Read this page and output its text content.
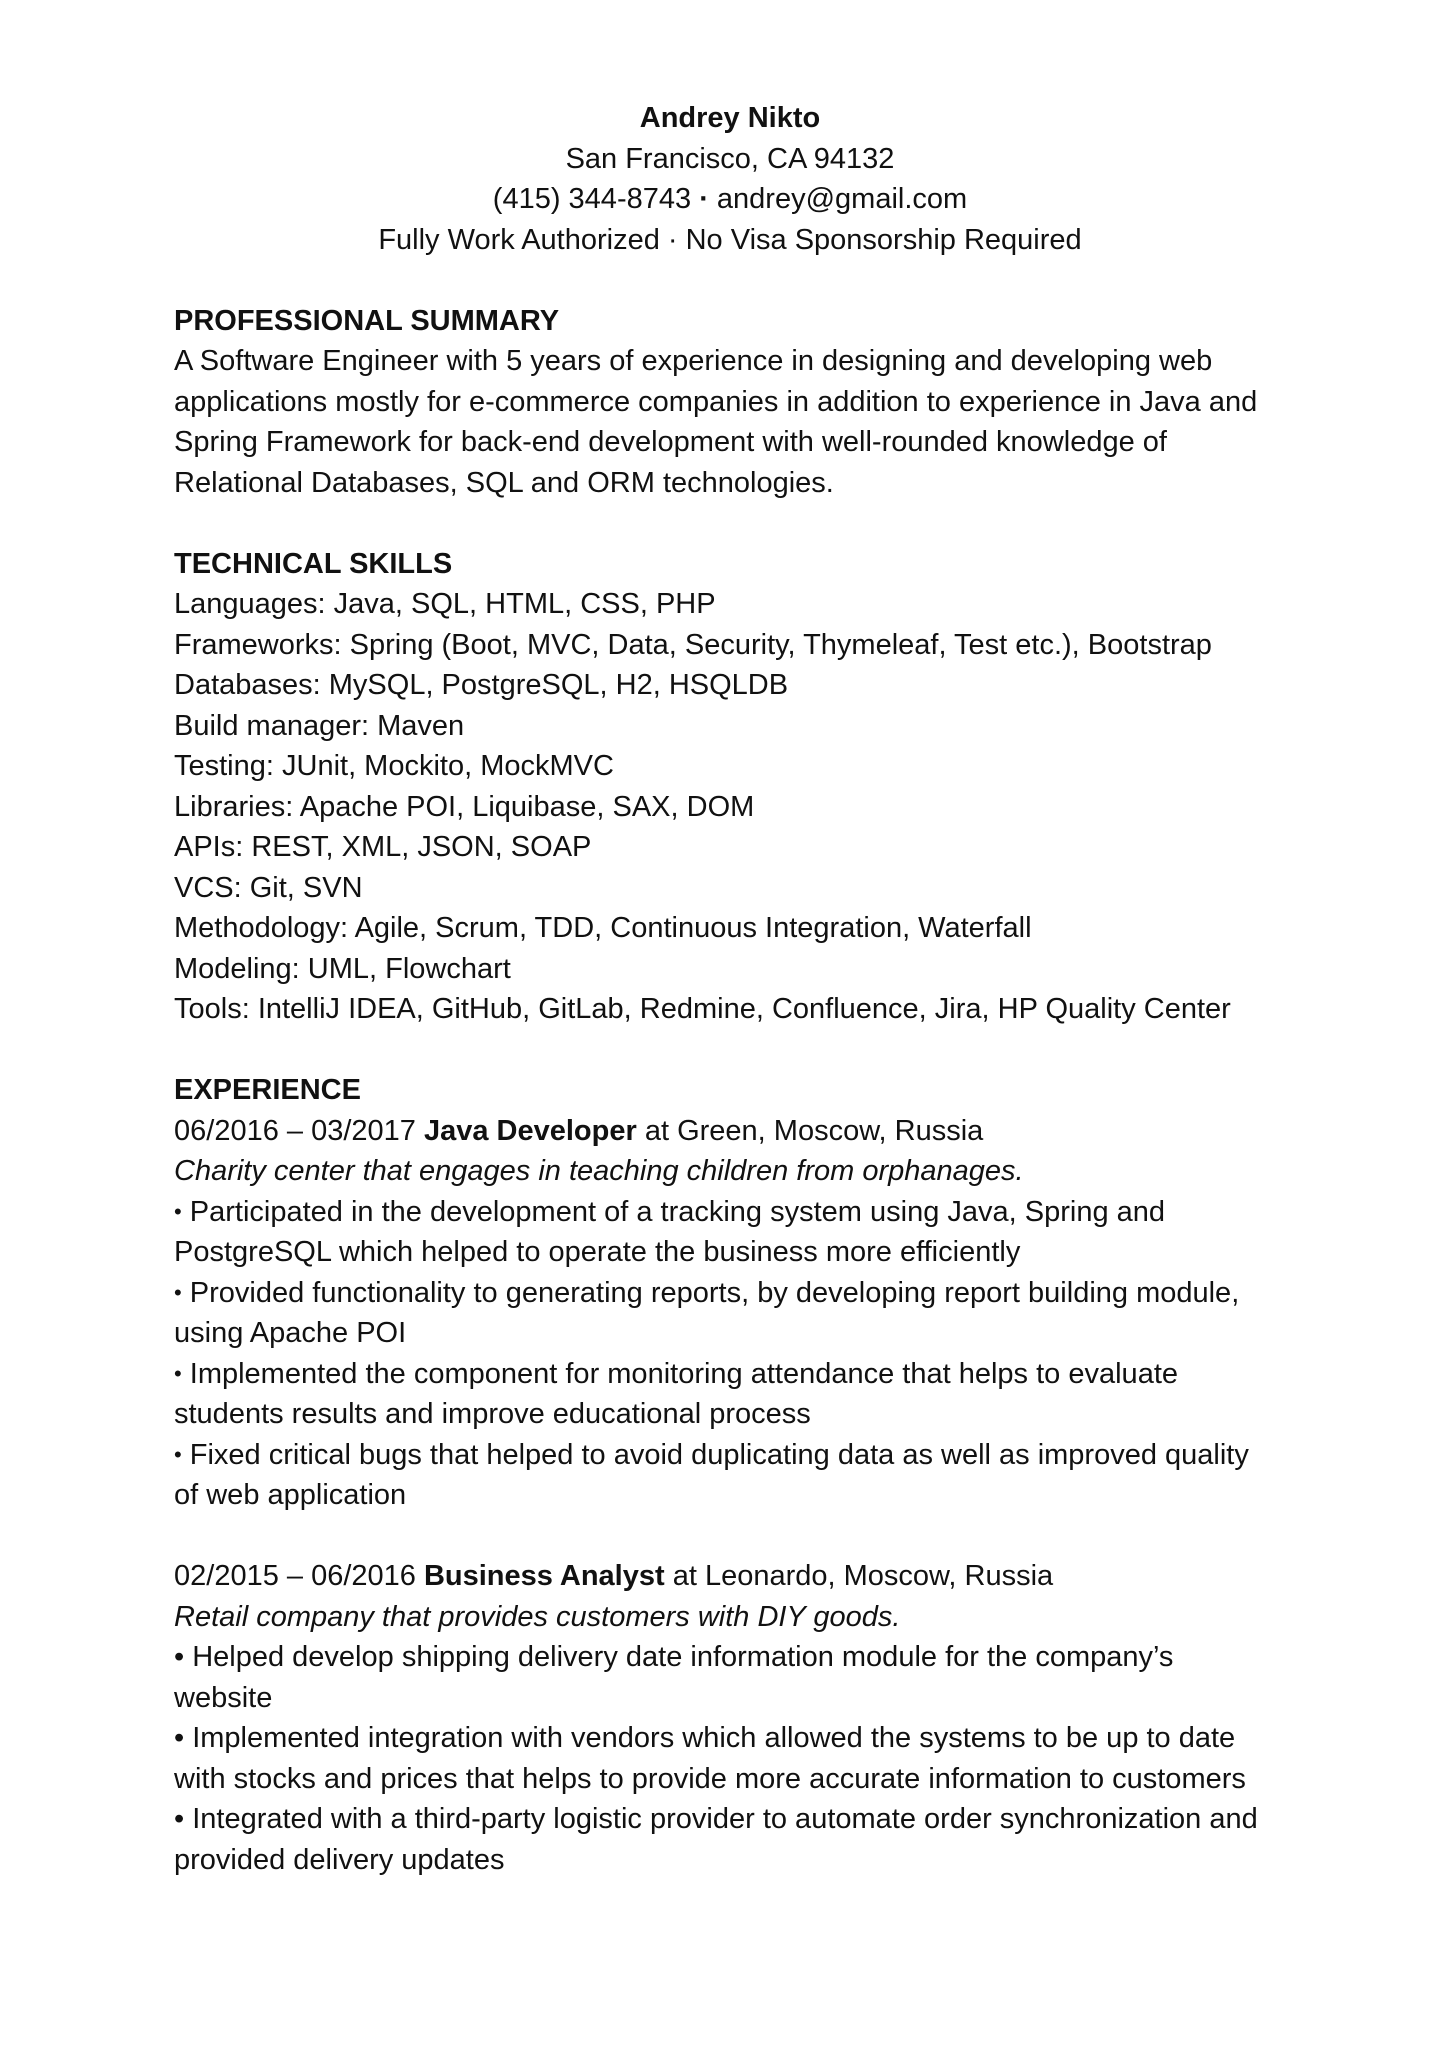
Andrey Nikto
San Francisco, CA 94132
(415) 344-8743 · andrey@gmail.com
Fully Work Authorized · No Visa Sponsorship Required
PROFESSIONAL SUMMARY
A Software Engineer with 5 years of experience in designing and developing web
applications mostly for e-commerce companies in addition to experience in Java and
Spring Framework for back-end development with well-rounded knowledge of
Relational Databases, SQL and ORM technologies.
TECHNICAL SKILLS
Languages: Java, SQL, HTML, CSS, PHP
Frameworks: Spring (Boot, MVC, Data, Security, Thymeleaf, Test etc.), Bootstrap
Databases: MySQL, PostgreSQL, H2, HSQLDB
Build manager: Maven
Testing: JUnit, Mockito, MockMVC
Libraries: Apache POI, Liquibase, SAX, DOM
APIs: REST, XML, JSON, SOAP
VCS: Git, SVN
Methodology: Agile, Scrum, TDD, Continuous Integration, Waterfall
Modeling: UML, Flowchart
Tools: IntelliJ IDEA, GitHub, GitLab, Redmine, Confluence, Jira, HP Quality Center
EXPERIENCE
06/2016 – 03/2017 Java Developer at Green, Moscow, Russia
Charity center that engages in teaching children from orphanages.
• Participated in the development of a tracking system using Java, Spring and
PostgreSQL which helped to operate the business more efficiently
• Provided functionality to generating reports, by developing report building module,
using Apache POI
• Implemented the component for monitoring attendance that helps to evaluate
students results and improve educational process
• Fixed critical bugs that helped to avoid duplicating data as well as improved quality
of web application
02/2015 – 06/2016 Business Analyst at Leonardo, Moscow, Russia
Retail company that provides customers with DIY goods.
• Helped develop shipping delivery date information module for the company’s
website
• Implemented integration with vendors which allowed the systems to be up to date
with stocks and prices that helps to provide more accurate information to customers
• Integrated with a third-party logistic provider to automate order synchronization and
provided delivery updates
